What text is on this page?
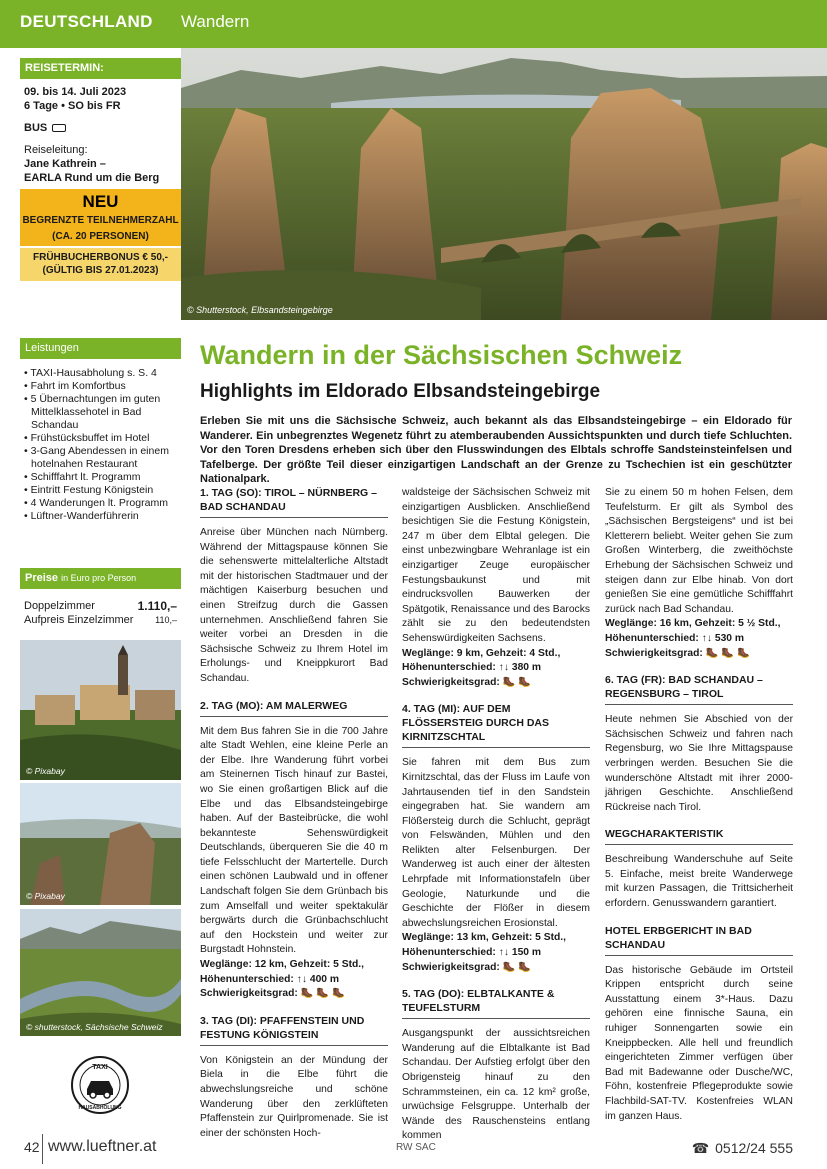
DEUTSCHLAND Wandern
© Shutterstock, Elbsandsteingebirge
REISETERMIN:
09. bis 14. Juli 2023
6 Tage • SO bis FR
BUS
Reiseleitung:
Jane Kathrein –
EARLA Rund um die Berg
NEU
BEGRENZTE TEILNEHMERZAHL
(CA. 20 PERSONEN)
FRÜHBUCHERBONUS € 50,-
(GÜLTIG BIS 27.01.2023)
Leistungen
• TAXI-Hausabholung s. S. 4
• Fahrt im Komfortbus
• 5 Übernachtungen im guten Mittelklassehotel in Bad Schandau
• Frühstücksbuffet im Hotel
• 3-Gang Abendessen in einem hotelnahen Restaurant
• Schifffahrt lt. Programm
• Eintritt Festung Königstein
• 4 Wanderungen lt. Programm
• Lüftner-Wanderführerin
Preise in Euro pro Person
Doppelzimmer	1.110,–
Aufpreis Einzelzimmer 110,–
© Pixabay
© Pixabay
© shutterstock, Sächsische Schweiz
TAXI
HAUSABHOLUNG
Wandern in der Sächsischen Schweiz
Highlights im Eldorado Elbsandsteingebirge
Erleben Sie mit uns die Sächsische Schweiz, auch bekannt als das Elbsandsteingebirge – ein Eldorado für Wanderer. Ein unbegrenztes Wegenetz führt zu atemberaubenden Aussichtspunkten und durch tiefe Schluchten. Vor den Toren Dresdens erheben sich über den Flusswindungen des Elbtals schroffe Sandsteinsteinfelsen und Tafelberge. Der größte Teil dieser einzigartigen Landschaft an der Grenze zu Tschechien ist ein geschützter Nationalpark.
1. TAG (SO): TIROL – NÜRNBERG – BAD SCHANDAU

Anreise über München nach Nürnberg. Während der Mittagspause können Sie die sehenswerte mittelalterliche Altstadt mit der historischen Stadtmauer und der mächtigen Kaiserburg besuchen und einen Streifzug durch die Gassen unternehmen. Anschließend fahren Sie weiter vorbei an Dresden in die Sächsische Schweiz zu Ihrem Hotel im Erholungs- und Kneippkurort Bad Schandau.

2. TAG (MO): AM MALERWEG

Mit dem Bus fahren Sie in die 700 Jahre alte Stadt Wehlen, eine kleine Perle an der Elbe. Ihre Wanderung führt vorbei am Steinernen Tisch hinauf zur Bastei, wo Sie einen großartigen Blick auf die Elbe und das Elbsandsteingebirge haben. Auf der Basteibrücke, die wohl bekannteste Sehenswürdigkeit Deutschlands, überqueren Sie die 40 m tiefe Felsschlucht der Martertelle. Durch einen schönen Laubwald und in offener Landschaft folgen Sie dem Grünbach bis zum Amselfall und weiter spektakulär bergwärts durch die Grünbachschlucht auf den Hockstein und weiter zur Burgstadt Hohnstein.

Weglänge: 12 km, Gehzeit: 5 Std.,
Höhenunterschied: ↑↓ 400 m
Schwierigkeitsgrad: 🥾 🥾 🥾
3. TAG (DI): PFAFFENSTEIN UND FESTUNG KÖNIGSTEIN

Von Königstein an der Mündung der Biela in die Elbe führt die abwechslungsreiche und schöne Wanderung über den zerklüfteten Pfaffenstein zur Quirlpromenade. Sie ist einer der schönsten Hoch-

waldsteige der Sächsischen Schweiz mit einzigartigen Ausblicken. Anschließend besichtigen Sie die Festung Königstein, 247 m über dem Elbtal gelegen. Die einst unbezwingbare Wehranlage ist ein einzigartiger Zeuge europäischer Festungsbaukunst und mit eindrucksvollen Bauwerken der Spätgotik, Renaissance und des Barocks zählt sie zu den bedeutendsten Sehenswürdigkeiten Sachsens.

Weglänge: 9 km, Gehzeit: 4 Std.,
Höhenunterschied: ↑↓ 380 m
Schwierigkeitsgrad: 🥾 🥾
4. TAG (MI): AUF DEM FLÖSSERSTEIG DURCH DAS KIRNITZSCHTAL

Sie fahren mit dem Bus zum Kirnitzschtal, das der Fluss im Laufe von Jahrtausenden tief in den Sandstein eingegraben hat. Sie wandern am Flößersteig durch die Schlucht, geprägt von Felswänden, Mühlen und den Relikten alter Felsenburgen. Der Wanderweg ist auch einer der ältesten Lehrpfade mit Informationstafeln über Geologie, Naturkunde und die Geschichte der Flößer in diesem abwechslungsreichen Erosionstal.

Weglänge: 13 km, Gehzeit: 5 Std.,
Höhenunterschied: ↑↓ 150 m
Schwierigkeitsgrad: 🥾 🥾
5. TAG (DO): ELBTALKANTE & TEUFELSTURM

Ausgangspunkt der aussichtsreichen Wanderung auf die Elbtalkante ist Bad Schandau. Der Aufstieg erfolgt über den Obrigensteig hinauf zu den Schrammsteinen, ein ca. 12 km² große, urwüchsige Felsgruppe. Unterhalb der Wände des Rauschensteins entlang kommen

Sie zu einem 50 m hohen Felsen, dem Teufelsturm. Er gilt als Symbol des „Sächsischen Bergsteigens“ und ist bei Kletterern beliebt. Weiter gehen Sie zum Großen Winterberg, die zweithöchste Erhebung der Sächsischen Schweiz und steigen dann zur Elbe hinab. Von dort genießen Sie eine gemütliche Schifffahrt zurück nach Bad Schandau.

Weglänge: 16 km, Gehzeit: 5 ½ Std.,
Höhenunterschied: ↑↓ 530 m
Schwierigkeitsgrad: 🥾 🥾 🥾
6. TAG (FR): BAD SCHANDAU – REGENSBURG – TIROL

Heute nehmen Sie Abschied von der Sächsischen Schweiz und fahren nach Regensburg, wo Sie Ihre Mittagspause verbringen werden. Besuchen Sie die wunderschöne Altstadt mit ihrer 2000-jährigen Geschichte. Anschließend Rückreise nach Tirol.

WEGCHARAKTERISTIK

Beschreibung Wanderschuhe auf Seite 5. Einfache, meist breite Wanderwege mit kurzen Passagen, die Trittsicherheit erfordern. Genusswandern garantiert.

HOTEL ERBGERICHT IN BAD SCHANDAU

Das historische Gebäude im Ortsteil Krippen entspricht durch seine Ausstattung einem 3*-Haus. Dazu gehören eine finnische Sauna, ein ruhiger Sonnengarten sowie ein Kneippbecken. Alle hell und freundlich eingerichteten Zimmer verfügen über Bad mit Badewanne oder Dusche/WC, Föhn, kostenfreie Pflegeprodukte sowie Flachbild-SAT-TV. Kostenfreies WLAN im ganzen Haus.

42 www.lueftner.at	RW SAC	☎ 0512/24 555
